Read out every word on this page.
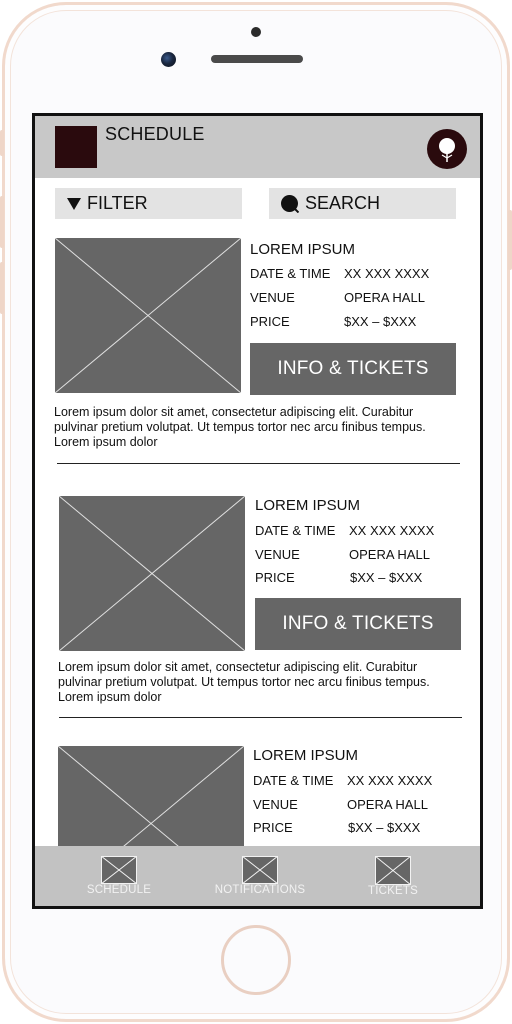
SCHEDULE
FILTER	SEARCH
LOREM IPSUM
DATE & TIME XX XXX XXXX
VENUE	OPERA HALL
PRICE	$XX – $XXX
INFO & TICKETS
Lorem ipsum dolor sit amet, consectetur adipiscing elit. Curabitur pulvinar pretium volutpat. Ut tempus tortor nec arcu finibus tempus. Lorem ipsum dolor
LOREM IPSUM
DATE & TIME XX XXX XXXX
VENUE	OPERA HALL
PRICE	$XX – $XXX
INFO & TICKETS
Lorem ipsum dolor sit amet, consectetur adipiscing elit. Curabitur pulvinar pretium volutpat. Ut tempus tortor nec arcu finibus tempus. Lorem ipsum dolor
LOREM IPSUM
DATE & TIME XX XXX XXXX
VENUE	OPERA HALL
PRICE	$XX – $XXX
SCHEDULE	NOTIFICATIONS	TICKETS
